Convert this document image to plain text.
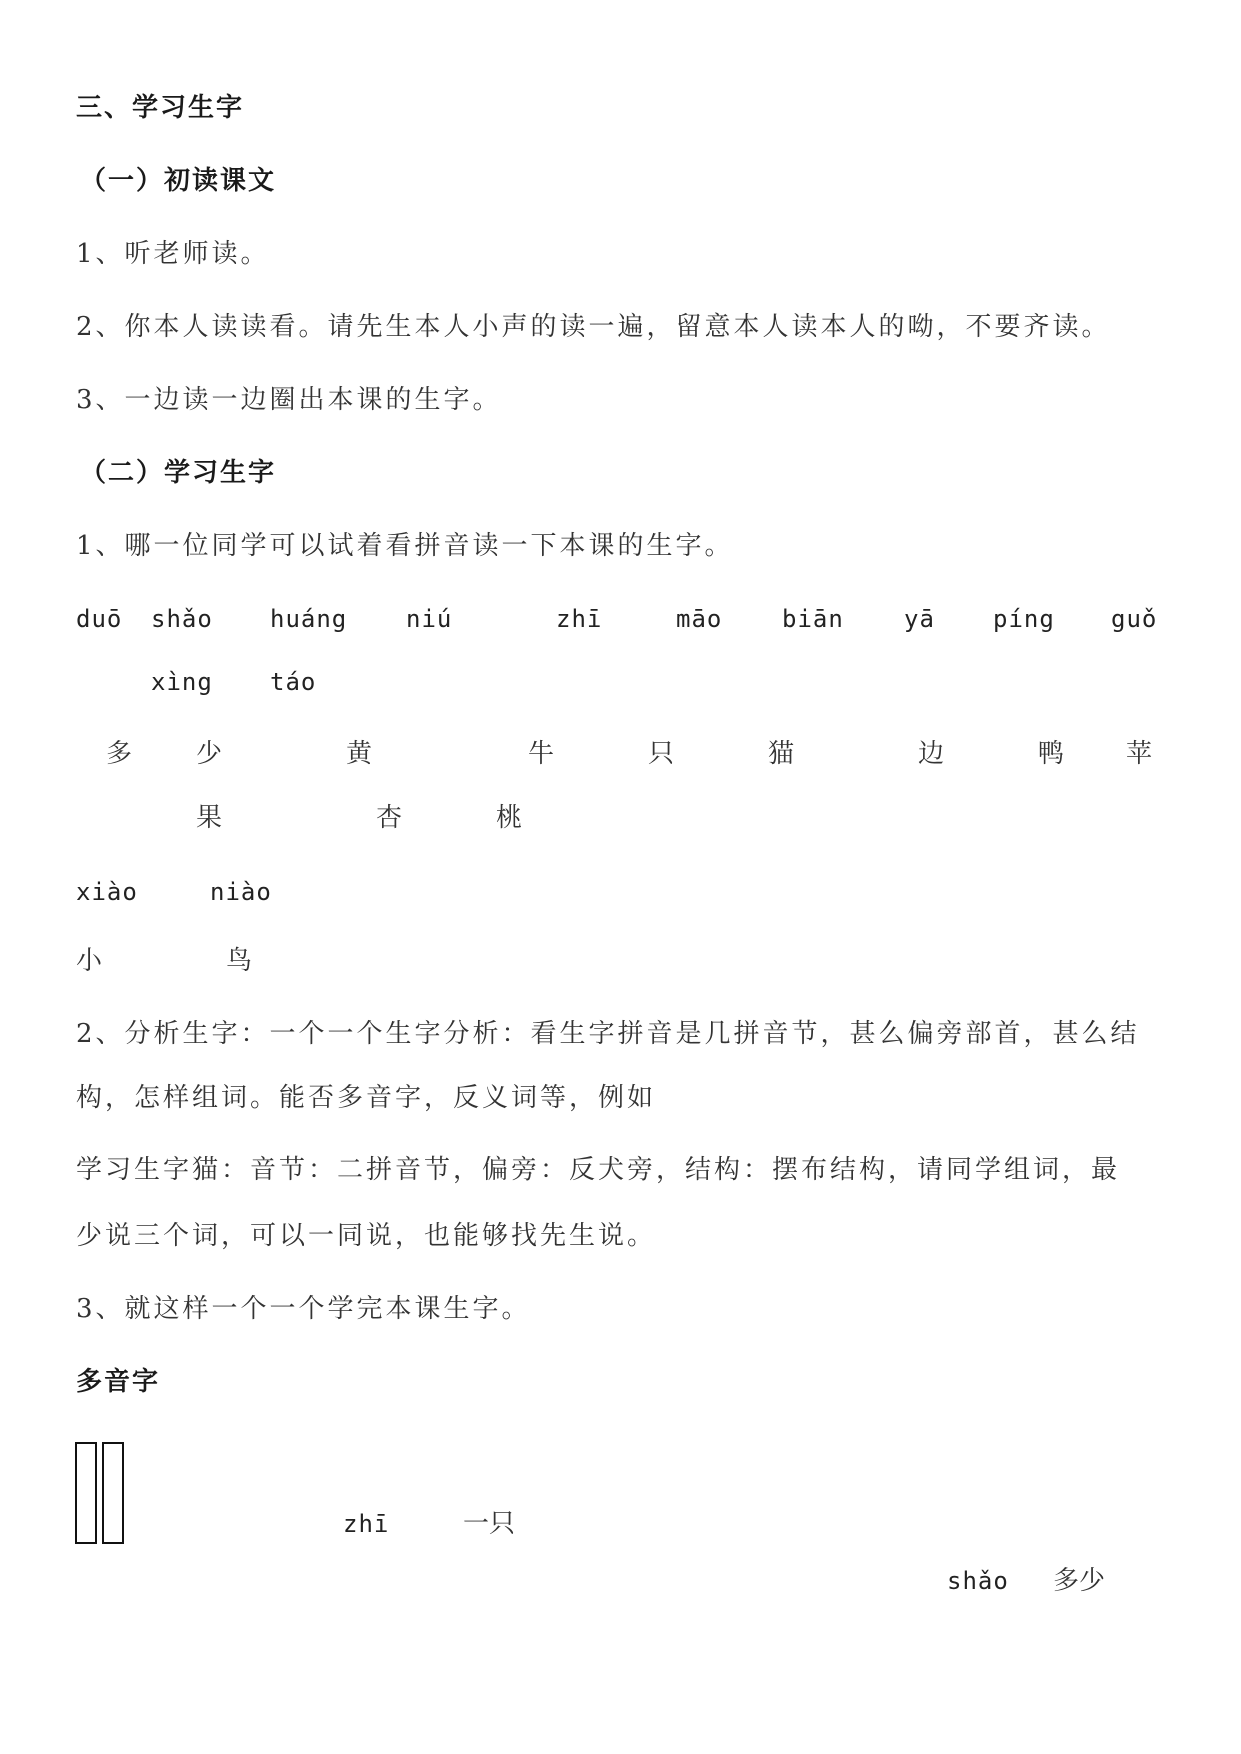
三、学习生字
（一）初读课文
1、听老师读。
2、你本人读读看。请先生本人小声的读一遍，留意本人读本人的呦，不要齐读。
3、一边读一边圈出本课的生字。
（二）学习生字
1、哪一位同学可以试着看拼音读一下本课的生字。
duō shǎo huáng niú	zhī	māo biān	yā píng guǒ
xìng táo
多 少	黄	牛	只	猫	边	鸭 苹
果	杏	桃
xiào	niào
小	鸟
2、分析生字：一个一个生字分析：看生字拼音是几拼音节，甚么偏旁部首，甚么结
构，怎样组词。能否多音字，反义词等，例如
学习生字猫：音节：二拼音节，偏旁：反犬旁，结构：摆布结构，请同学组词，最
少说三个词，可以一同说，也能够找先生说。
3、就这样一个一个学完本课生字。
多音字
zhī	一只
shǎo 多少
